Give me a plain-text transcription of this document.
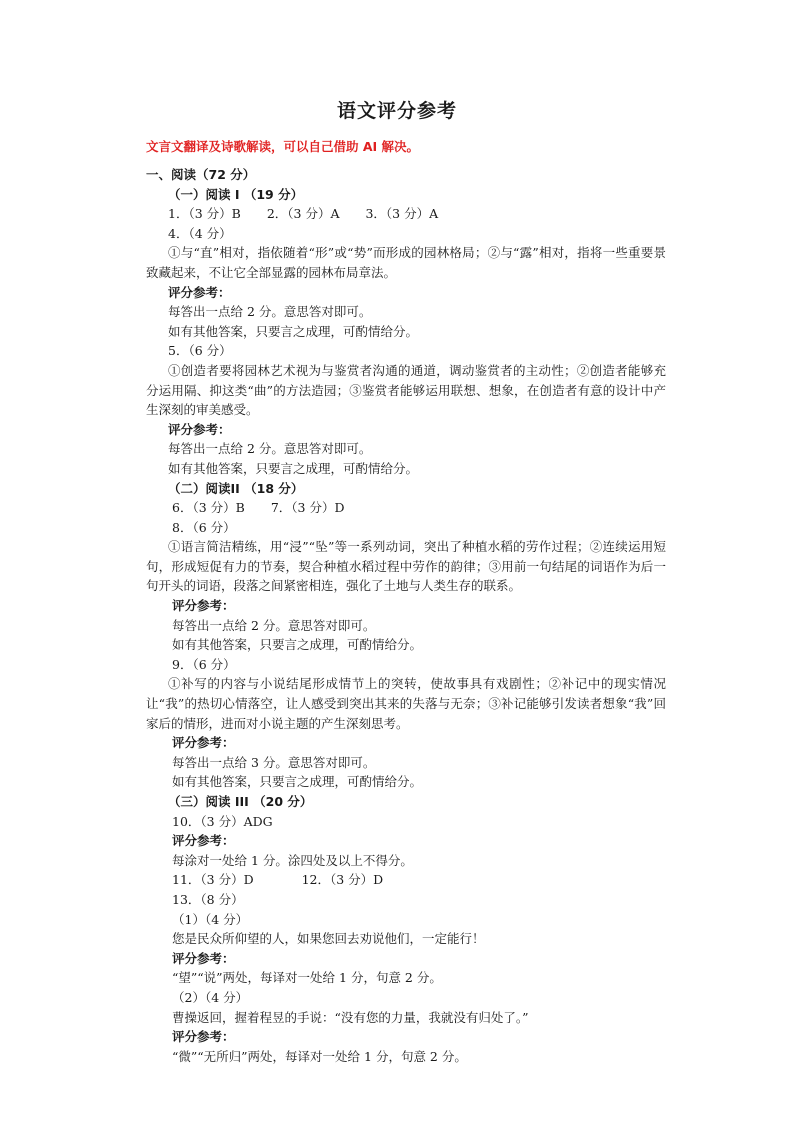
语文评分参考
文言文翻译及诗歌解读，可以自己借助 AI 解决。
一、阅读（72 分）
（一）阅读 I （19 分）
1．（3 分）B 2．（3 分）A 3．（3 分）A
4．（4 分）
①与“直”相对，指依随着“形”或“势”而形成的园林格局；②与“露”相对，指将一些重要景致藏起来，不让它全部显露的园林布局章法。
评分参考：
每答出一点给 2 分。意思答对即可。
如有其他答案，只要言之成理，可酌情给分。
5．（6 分）
①创造者要将园林艺术视为与鉴赏者沟通的通道，调动鉴赏者的主动性；②创造者能够充分运用隔、抑这类“曲”的方法造园；③鉴赏者能够运用联想、想象，在创造者有意的设计中产生深刻的审美感受。
评分参考：
每答出一点给 2 分。意思答对即可。
如有其他答案，只要言之成理，可酌情给分。
（二）阅读II （18 分）
6．（3 分）B 7．（3 分）D
8．（6 分）
①语言简洁精练，用“浸”“坠”等一系列动词，突出了种植水稻的劳作过程；②连续运用短句，形成短促有力的节奏，契合种植水稻过程中劳作的韵律；③用前一句结尾的词语作为后一句开头的词语，段落之间紧密相连，强化了土地与人类生存的联系。
评分参考：
每答出一点给 2 分。意思答对即可。
如有其他答案，只要言之成理，可酌情给分。
9．（6 分）
①补写的内容与小说结尾形成情节上的突转，使故事具有戏剧性；②补记中的现实情况让“我”的热切心情落空，让人感受到突出其来的失落与无奈；③补记能够引发读者想象“我”回家后的情形，进而对小说主题的产生深刻思考。
评分参考：
每答出一点给 3 分。意思答对即可。
如有其他答案，只要言之成理，可酌情给分。
（三）阅读 III （20 分）
10．（3 分）ADG
评分参考：
每涂对一处给 1 分。涂四处及以上不得分。
11．（3 分）D	12．（3 分）D
13．（8 分）
（1）（4 分）
您是民众所仰望的人，如果您回去劝说他们，一定能行！
评分参考：
“望”“说”两处，每译对一处给 1 分，句意 2 分。
（2）（4 分）
曹操返回，握着程昱的手说：“没有您的力量，我就没有归处了。”
评分参考：
“微”“无所归”两处，每译对一处给 1 分，句意 2 分。
